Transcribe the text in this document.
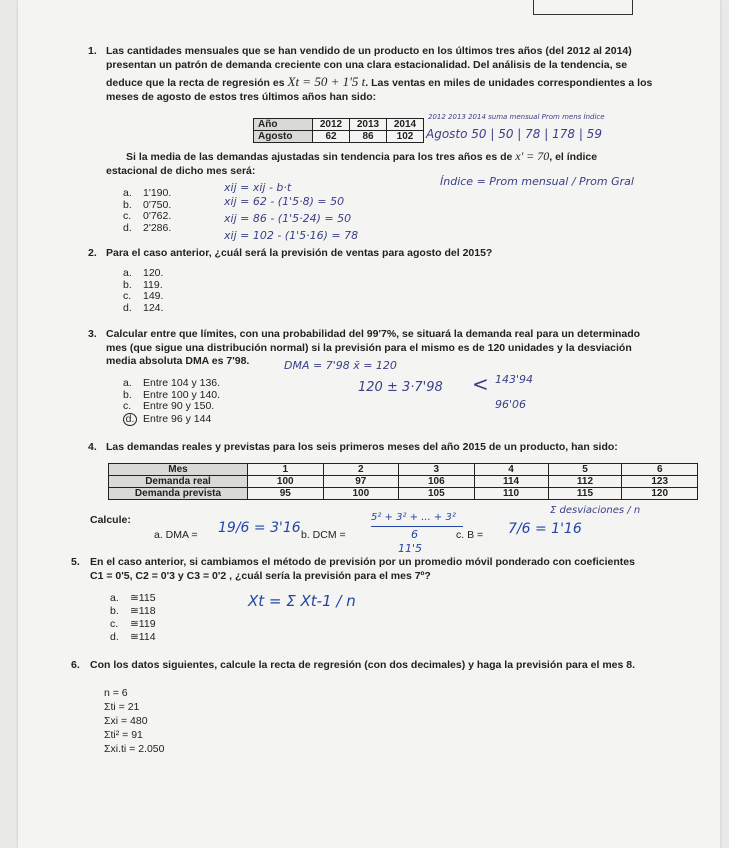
1. Las cantidades mensuales que se han vendido de un producto en los últimos tres años (del 2012 al 2014)
presentan un patrón de demanda creciente con una clara estacionalidad. Del análisis de la tendencia, se
deduce que la recta de regresión es Xt = 50 + 1'5 t. Las ventas en miles de unidades correspondientes a los
meses de agosto de estos tres últimos años han sido:
Año	2012	2013	2014
Agosto	62	86	102
Si la media de las demandas ajustadas sin tendencia para los tres años es de x' = 70, el índice
estacional de dicho mes será:
a. 1'190.
b. 0'750.
c. 0'762.
d. 2'286.
2. Para el caso anterior, ¿cuál será la previsión de ventas para agosto del 2015?
a. 120.
b. 119.
c. 149.
d. 124.
3. Calcular entre que límites, con una probabilidad del 99'7%, se situará la demanda real para un determinado
mes (que sigue una distribución normal) si la previsión para el mismo es de 120 unidades y la desviación
media absoluta DMA es 7'98.
a. Entre 104 y 136.
b. Entre 100 y 140.
c. Entre 90 y 150.
d. Entre 96 y 144
4. Las demandas reales y previstas para los seis primeros meses del año 2015 de un producto, han sido:
Mes	1	2	3	4	5	6
Demanda real	100	97	106	114	112	123
Demanda prevista	95	100	105	110	115	120
Calcule:
a. DMA =	b. DCM =	c. B =
5. En el caso anterior, si cambiamos el método de previsión por un promedio móvil ponderado con coeficientes
C1 = 0'5, C2 = 0'3 y C3 = 0'2 , ¿cuál sería la previsión para el mes 7º?
a. ≅115
b. ≅118
c. ≅119
d. ≅114
6. Con los datos siguientes, calcule la recta de regresión (con dos decimales) y haga la previsión para el mes 8.
n = 6
Σti = 21
Σxi = 480
Σti² = 91
Σxi.ti = 2.050
2012 2013 2014 suma mensual Prom mens Índice
Agosto 50 | 50 | 78 | 178 | 59
Índice = Prom mensual / Prom Gral
xij = xij - b·t
xij = 62 - (1'5·8) = 50
xij = 86 - (1'5·24) = 50
xij = 102 - (1'5·16) = 78
DMA = 7'98 x̄ = 120
120 ± 3·7'98 < 143'94
96'06
19/6 = 3'16
5² + 3² + ... + 3²
6
11'5
Σ desviaciones / n
7/6 = 1'16
Xt = Σ Xt-1 / n
